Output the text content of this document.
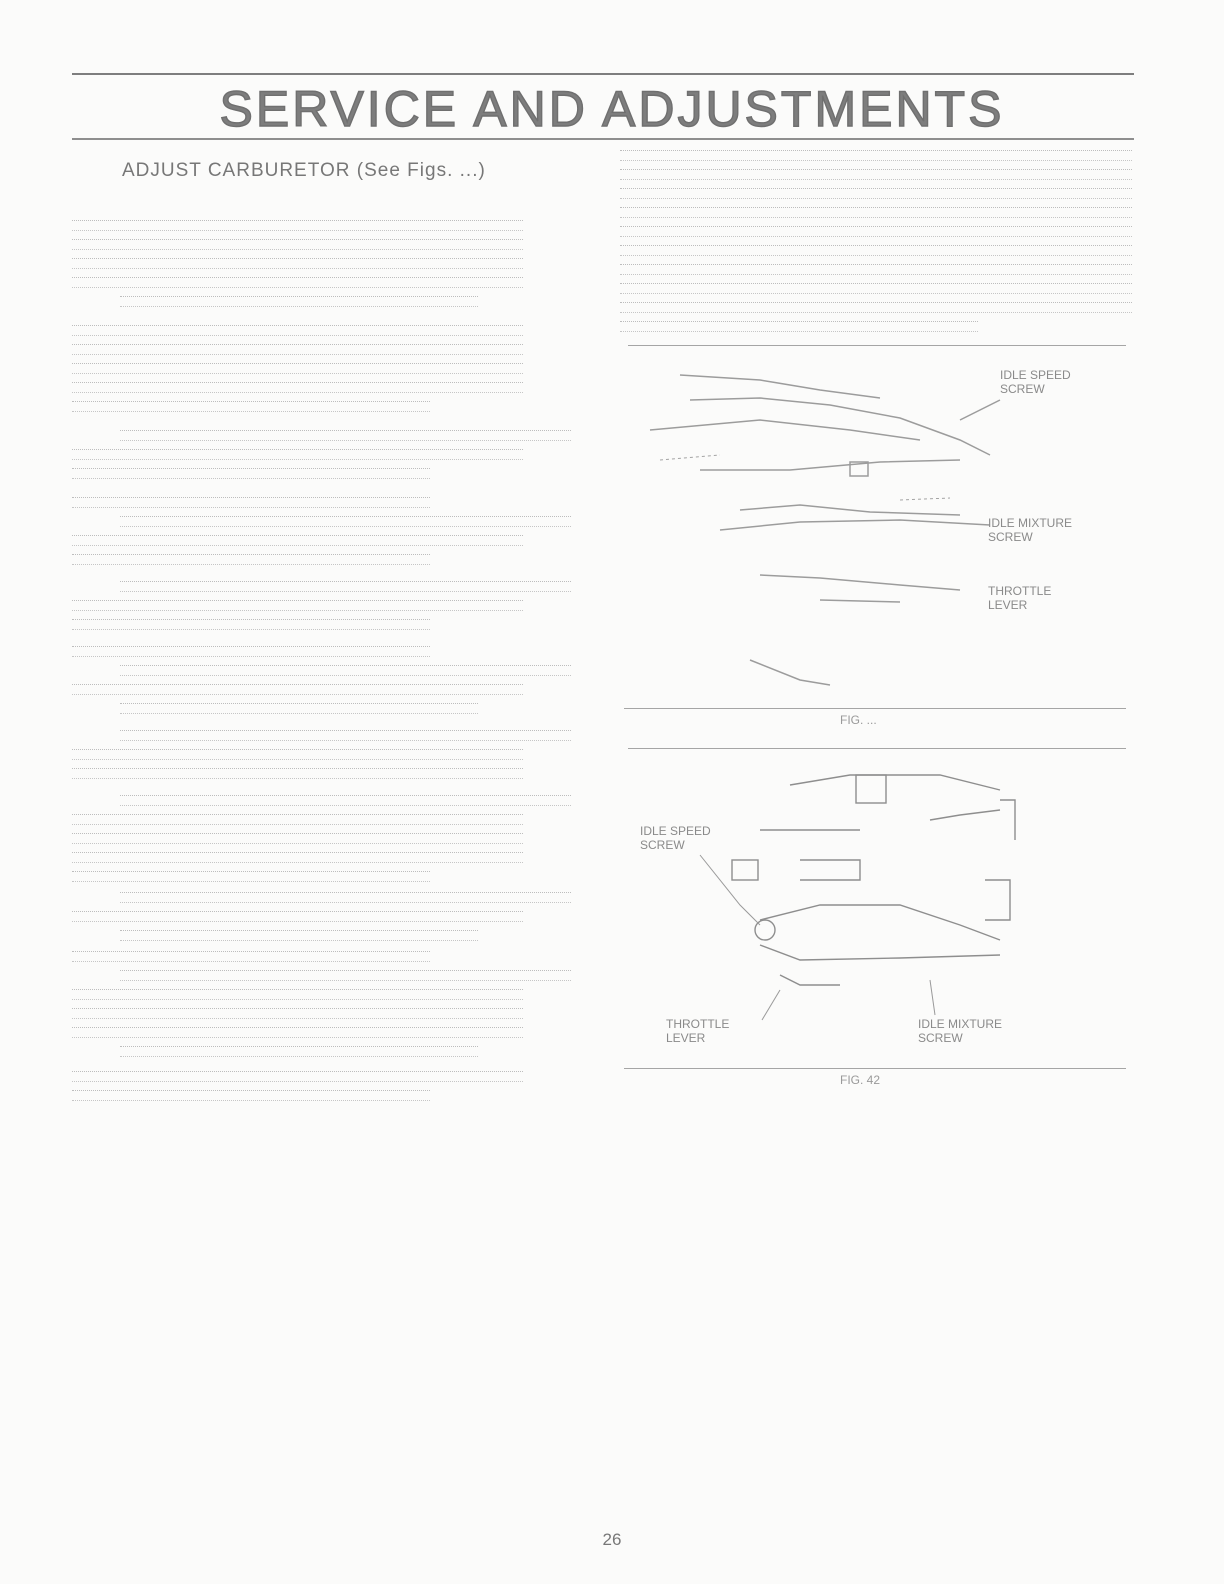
SERVICE AND ADJUSTMENTS
ADJUST CARBURETOR (See Figs. ...)
IDLE SPEED SCREW
IDLE MIXTURE SCREW
THROTTLE LEVER
FIG. ...
IDLE SPEED SCREW
THROTTLE LEVER
IDLE MIXTURE SCREW
FIG. 42
26
